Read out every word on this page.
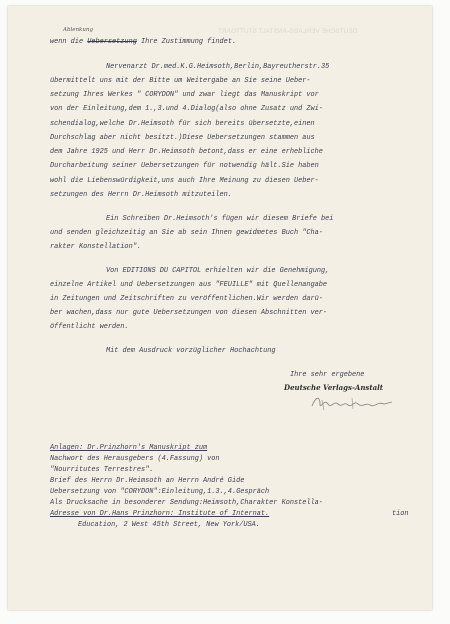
DEUTSCHE VERLAGS-ANSTALT STUTTGART
Ablenkung
wenn die Uebersetzung Ihre Zustimmung findet.
Nervenarzt Dr.med.K.G.Heimsoth,Berlin,Bayreutherstr.35
übermittelt uns mit der Bitte um Weitergabe an Sie seine Ueber-
setzung Ihres Werkes " CORYDON" und zwar liegt das Manuskript vor
von der Einleitung,dem 1.,3.und 4.Dialog(also ohne Zusatz und Zwi-
schendialog,welche Dr.Heimsoth für sich bereits übersetzte,einen
Durchschlag aber nicht besitzt.)Diese Uebersetzungen stammen aus
dem Jahre 1925 und Herr Dr.Heimsoth betont,dass er eine erhebliche
Durcharbeitung seiner Uebersetzungen für notwendig hält.Sie haben
wohl die Liebenswürdigkeit,uns auch Ihre Meinung zu diesen Ueber-
setzungen des Herrn Dr.Heimsoth mitzuteilen.
Ein Schreiben Dr.Heimsoth's fügen wir diesem Briefe bei
und senden gleichzeitig an Sie ab sein Ihnen gewidmetes Buch "Cha-
rakter Konstellation".
Von EDITIONS DU CAPITOL erhielten wir die Genehmigung,
einzelne Artikel und Uebersetzungen aus "FEUILLE" mit Quellenangabe
in Zeitungen und Zeitschriften zu veröffentlichen.Wir werden darü-
ber wachen,dass nur gute Uebersetzungen von diesen Abschnitten ver-
öffentlicht werden.
Mit dem Ausdruck vorzüglicher Hochachtung
Ihre sehr ergebene
Deutsche Verlags-Anstalt
Anlagen: Dr.Prinzhorn's Manuskript zum
Nachwort des Herausgebers (4.Fassung) von
"Nourritutes Terrestres".
Brief des Herrn Dr.Heimsoth an Herrn André Gide
Uebersetzung von "CORYDON":Einleitung,1.3.,4.Gespräch
Als Drucksache in besonderer Sendung:Heimsoth,Charakter Konstella-
Adresse von Dr.Hans Prinzhorn: Institute of Internat.	tion
Education, 2 West 45th Street, New York/USA.
